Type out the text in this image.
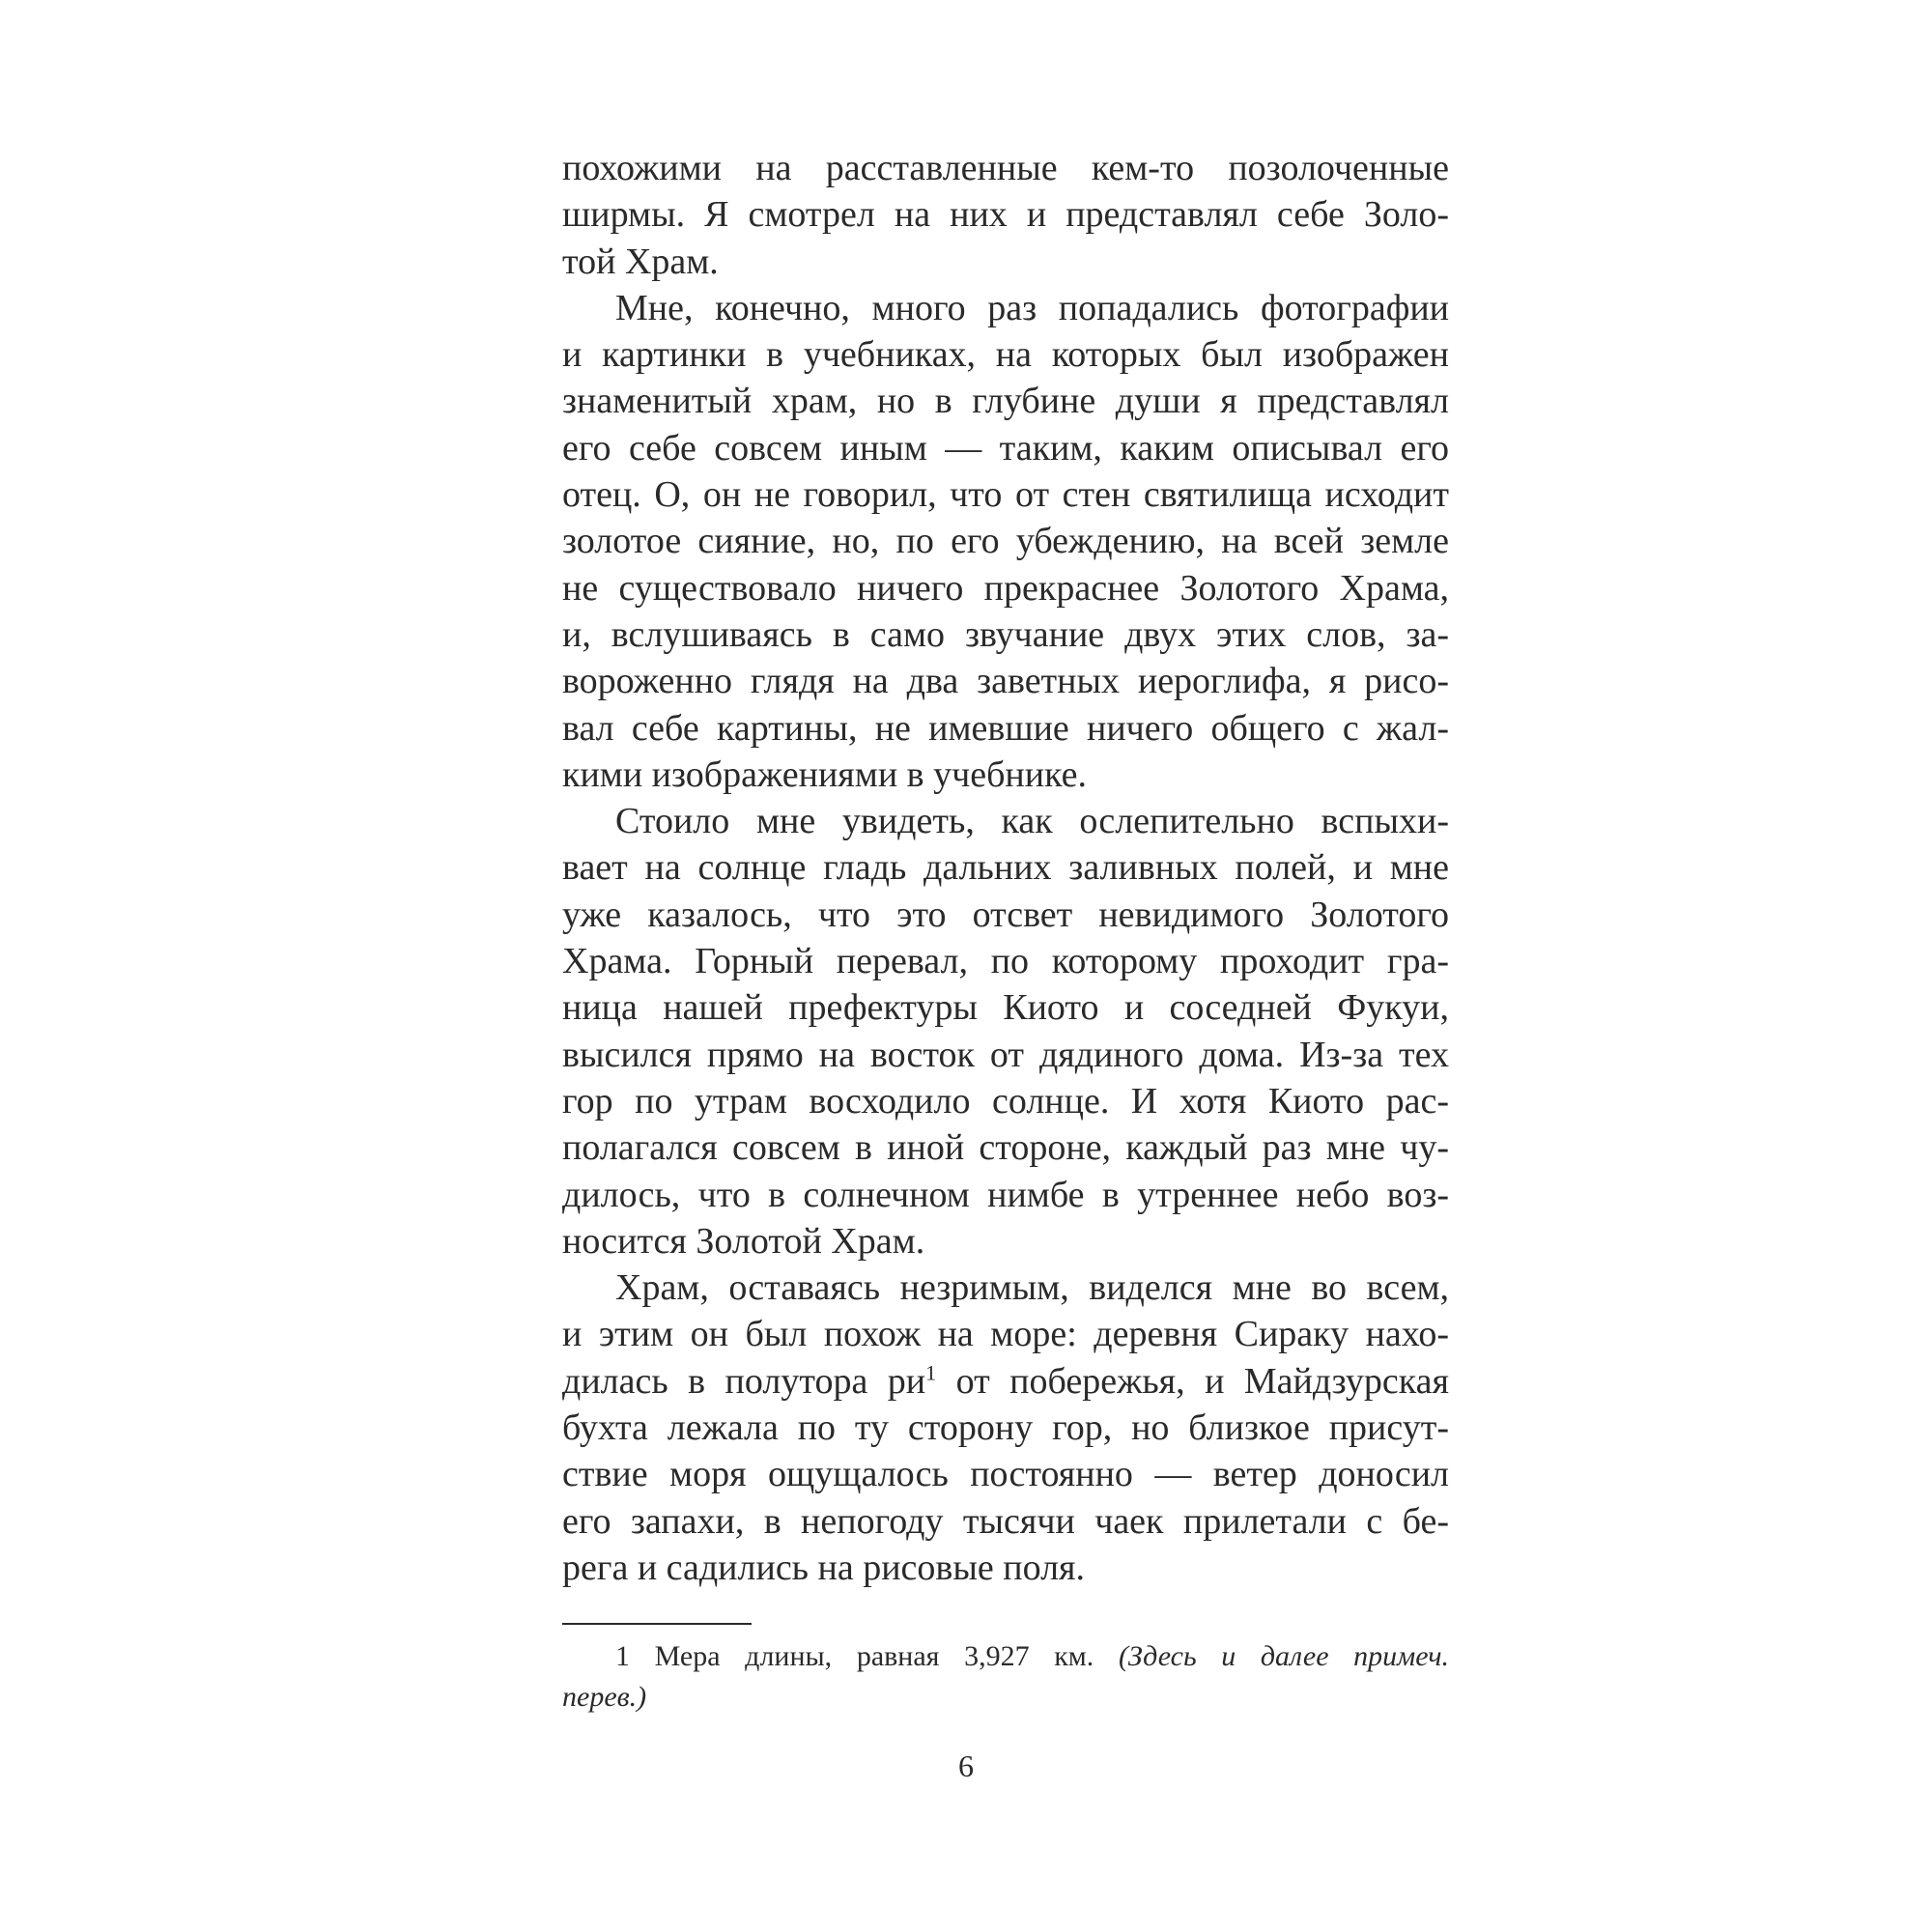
похожими на расставленные кем-то позолоченные
ширмы. Я смотрел на них и представлял себе Золо-
той Храм.
Мне, конечно, много раз попадались фотографии
и картинки в учебниках, на которых был изображен
знаменитый храм, но в глубине души я представлял
его себе совсем иным — таким, каким описывал его
отец. О, он не говорил, что от стен святилища исходит
золотое сияние, но, по его убеждению, на всей земле
не существовало ничего прекраснее Золотого Храма,
и, вслушиваясь в само звучание двух этих слов, за-
вороженно глядя на два заветных иероглифа, я рисо-
вал себе картины, не имевшие ничего общего с жал-
кими изображениями в учебнике.
Стоило мне увидеть, как ослепительно вспыхи-
вает на солнце гладь дальних заливных полей, и мне
уже казалось, что это отсвет невидимого Золотого
Храма. Горный перевал, по которому проходит гра-
ница нашей префектуры Киото и соседней Фукуи,
высился прямо на восток от дядиного дома. Из-за тех
гор по утрам восходило солнце. И хотя Киото рас-
полагался совсем в иной стороне, каждый раз мне чу-
дилось, что в солнечном нимбе в утреннее небо воз-
носится Золотой Храм.
Храм, оставаясь незримым, виделся мне во всем,
и этим он был похож на море: деревня Сираку нахо-
дилась в полутора ри$^1$ от побережья, и Майдзурская
бухта лежала по ту сторону гор, но близкое присут-
ствие моря ощущалось постоянно — ветер доносил
его запахи, в непогоду тысячи чаек прилетали с бе-
рега и садились на рисовые поля.
1 Мера длины, равная 3,927 км. (Здесь и далее примеч.
перев.)
6
